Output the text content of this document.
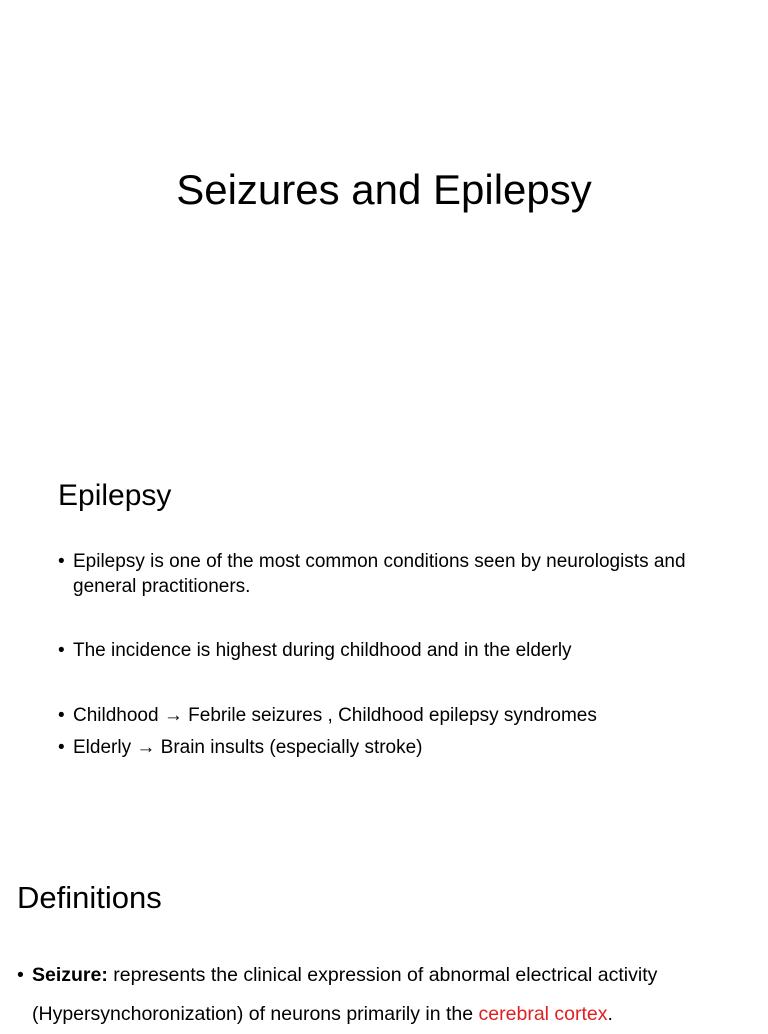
Seizures and Epilepsy
Epilepsy

• Epilepsy is one of the most common conditions seen by neurologists and general practitioners.

• The incidence is highest during childhood and in the elderly

• Childhood → Febrile seizures , Childhood epilepsy syndromes

• Elderly → Brain insults (especially stroke)

Definitions

• Seizure: represents the clinical expression of abnormal electrical activity (Hypersynchoronization) of neurons primarily in the cerebral cortex.
